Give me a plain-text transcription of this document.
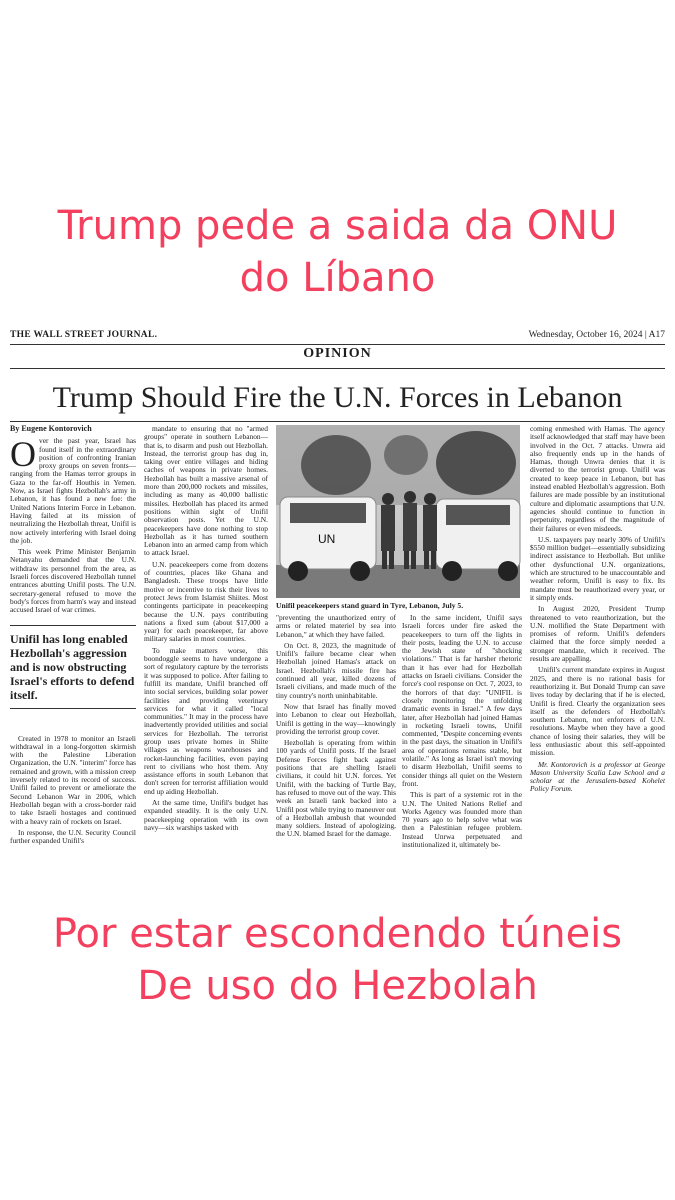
Trump pede a saida da ONU
do Líbano
THE WALL STREET JOURNAL.	Wednesday, October 16, 2024 | A17
OPINION
Trump Should Fire the U.N. Forces in Lebanon
By Eugene Kontorovich

Over the past year, Israel has found itself in the extraordinary position of confronting Iranian proxy groups on seven fronts—ranging from the Hamas terror groups in Gaza to the far-off Houthis in Yemen. Now, as Israel fights Hezbollah's army in Lebanon, it has found a new foe: the United Nations Interim Force in Lebanon. Having failed at its mission of neutralizing the Hezbollah threat, Unifil is now actively interfering with Israel doing the job.

This week Prime Minister Benjamin Netanyahu demanded that the U.N. withdraw its personnel from the area, as Israeli forces discovered Hezbollah tunnel entrances abutting Unifil posts. The U.N. secretary-general refused to move the body's forces from harm's way and instead accused Israel of war crimes.

Unifil has long enabled Hezbollah's aggression and is now obstructing Israel's efforts to defend itself.

Created in 1978 to monitor an Israeli withdrawal in a long-forgotten skirmish with the Palestine Liberation Organization, the U.N. "interim" force has remained and grown, with a mission creep inversely related to its record of success. Unifil failed to prevent or ameliorate the Second Lebanon War in 2006, which Hezbollah began with a cross-border raid to take Israeli hostages and continued with a heavy rain of rockets on Israel.

In response, the U.N. Security Council further expanded Unifil's

mandate to ensuring that no "armed groups" operate in southern Lebanon—that is, to disarm and push out Hezbollah. Instead, the terrorist group has dug in, taking over entire villages and hiding caches of weapons in private homes. Hezbollah has built a massive arsenal of more than 200,000 rockets and missiles, including as many as 40,000 ballistic missiles. Hezbollah has placed its armed positions within sight of Unifil observation posts. Yet the U.N. peacekeepers have done nothing to stop Hezbollah as it has turned southern Lebanon into an armed camp from which to attack Israel.

U.N. peacekeepers come from dozens of countries, places like Ghana and Bangladesh. These troops have little motive or incentive to risk their lives to protect Jews from Islamist Shiites. Most contingents participate in peacekeeping because the U.N. pays contributing nations a fixed sum (about $17,000 a year) for each peacekeeper, far above military salaries in most countries.

To make matters worse, this boondoggle seems to have undergone a sort of regulatory capture by the terrorists it was supposed to police. After failing to fulfill its mandate, Unifil branched off into social services, building solar power facilities and providing veterinary services for what it called "local communities." It may in the process have inadvertently provided utilities and social services for Hezbollah. The terrorist group uses private homes in Shiite villages as weapons warehouses and rocket-launching facilities, even paying rent to civilians who host them. Any assistance efforts in south Lebanon that don't screen for terrorist affiliation would end up aiding Hezbollah.

At the same time, Unifil's budget has expanded steadily. It is the only U.N. peacekeeping operation with its own navy—six warships tasked with

UN
NABIL MANDERI/GETTY IMAGES
Unifil peacekeepers stand guard in Tyre, Lebanon, July 5.

"preventing the unauthorized entry of arms or related materiel by sea into Lebanon," at which they have failed.

On Oct. 8, 2023, the magnitude of Unifil's failure became clear when Hezbollah joined Hamas's attack on Israel. Hezbollah's missile fire has continued all year, killed dozens of Israeli civilians, and made much of the tiny country's north uninhabitable.

Now that Israel has finally moved into Lebanon to clear out Hezbollah, Unifil is getting in the way—knowingly providing the terrorist group cover.

Hezbollah is operating from within 100 yards of Unifil posts. If the Israel Defense Forces fight back against positions that are shelling Israeli civilians, it could hit U.N. forces. Yet Unifil, with the backing of Turtle Bay, has refused to move out of the way. This week an Israeli tank backed into a Unifil post while trying to maneuver out of a Hezbollah ambush that wounded many soldiers. Instead of apologizing, the U.N. blamed Israel for the damage.

In the same incident, Unifil says Israeli forces under fire asked the peacekeepers to turn off the lights in their posts, leading the U.N. to accuse the Jewish state of "shocking violations." That is far harsher rhetoric than it has ever had for Hezbollah attacks on Israeli civilians. Consider the force's cool response on Oct. 7, 2023, to the horrors of that day: "UNIFIL is closely monitoring the unfolding dramatic events in Israel." A few days later, after Hezbollah had joined Hamas in rocketing Israeli towns, Unifil commented, "Despite concerning events in the past days, the situation in Unifil's area of operations remains stable, but volatile." As long as Israel isn't moving to disarm Hezbollah, Unifil seems to consider things all quiet on the Western front.

This is part of a systemic rot in the U.N. The United Nations Relief and Works Agency was founded more than 70 years ago to help solve what was then a Palestinian refugee problem. Instead Unrwa perpetuated and institutionalized it, ultimately be-

coming enmeshed with Hamas. The agency itself acknowledged that staff may have been involved in the Oct. 7 attacks. Unwra aid also frequently ends up in the hands of Hamas, though Unwra denies that it is diverted to the terrorist group. Unifil was created to keep peace in Lebanon, but has instead enabled Hezbollah's aggression. Both failures are made possible by an institutional culture and diplomatic assumptions that U.N. agencies should continue to function in perpetuity, regardless of the magnitude of their failures or even misdeeds.

U.S. taxpayers pay nearly 30% of Unifil's $550 million budget—essentially subsidizing indirect assistance to Hezbollah. But unlike other dysfunctional U.N. organizations, which are structured to be unaccountable and weather reform, Unifil is easy to fix. Its mandate must be reauthorized every year, or it simply ends.

In August 2020, President Trump threatened to veto reauthorization, but the U.N. mollified the State Department with promises of reform. Unifil's defenders claimed that the force simply needed a stronger mandate, which it received. The results are appalling.

Unifil's current mandate expires in August 2025, and there is no rational basis for reauthorizing it. But Donald Trump can save lives today by declaring that if he is elected, Unifil is fired. Clearly the organization sees itself as the defenders of Hezbollah's southern Lebanon, not enforcers of U.N. resolutions. Maybe when they have a good chance of losing their salaries, they will be less enthusiastic about this self-appointed mission.

Mr. Kontorovich is a professor at George Mason University Scalia Law School and a scholar at the Jerusalem-based Kohelet Policy Forum.

Por estar escondendo túneis
De uso do Hezbolah
